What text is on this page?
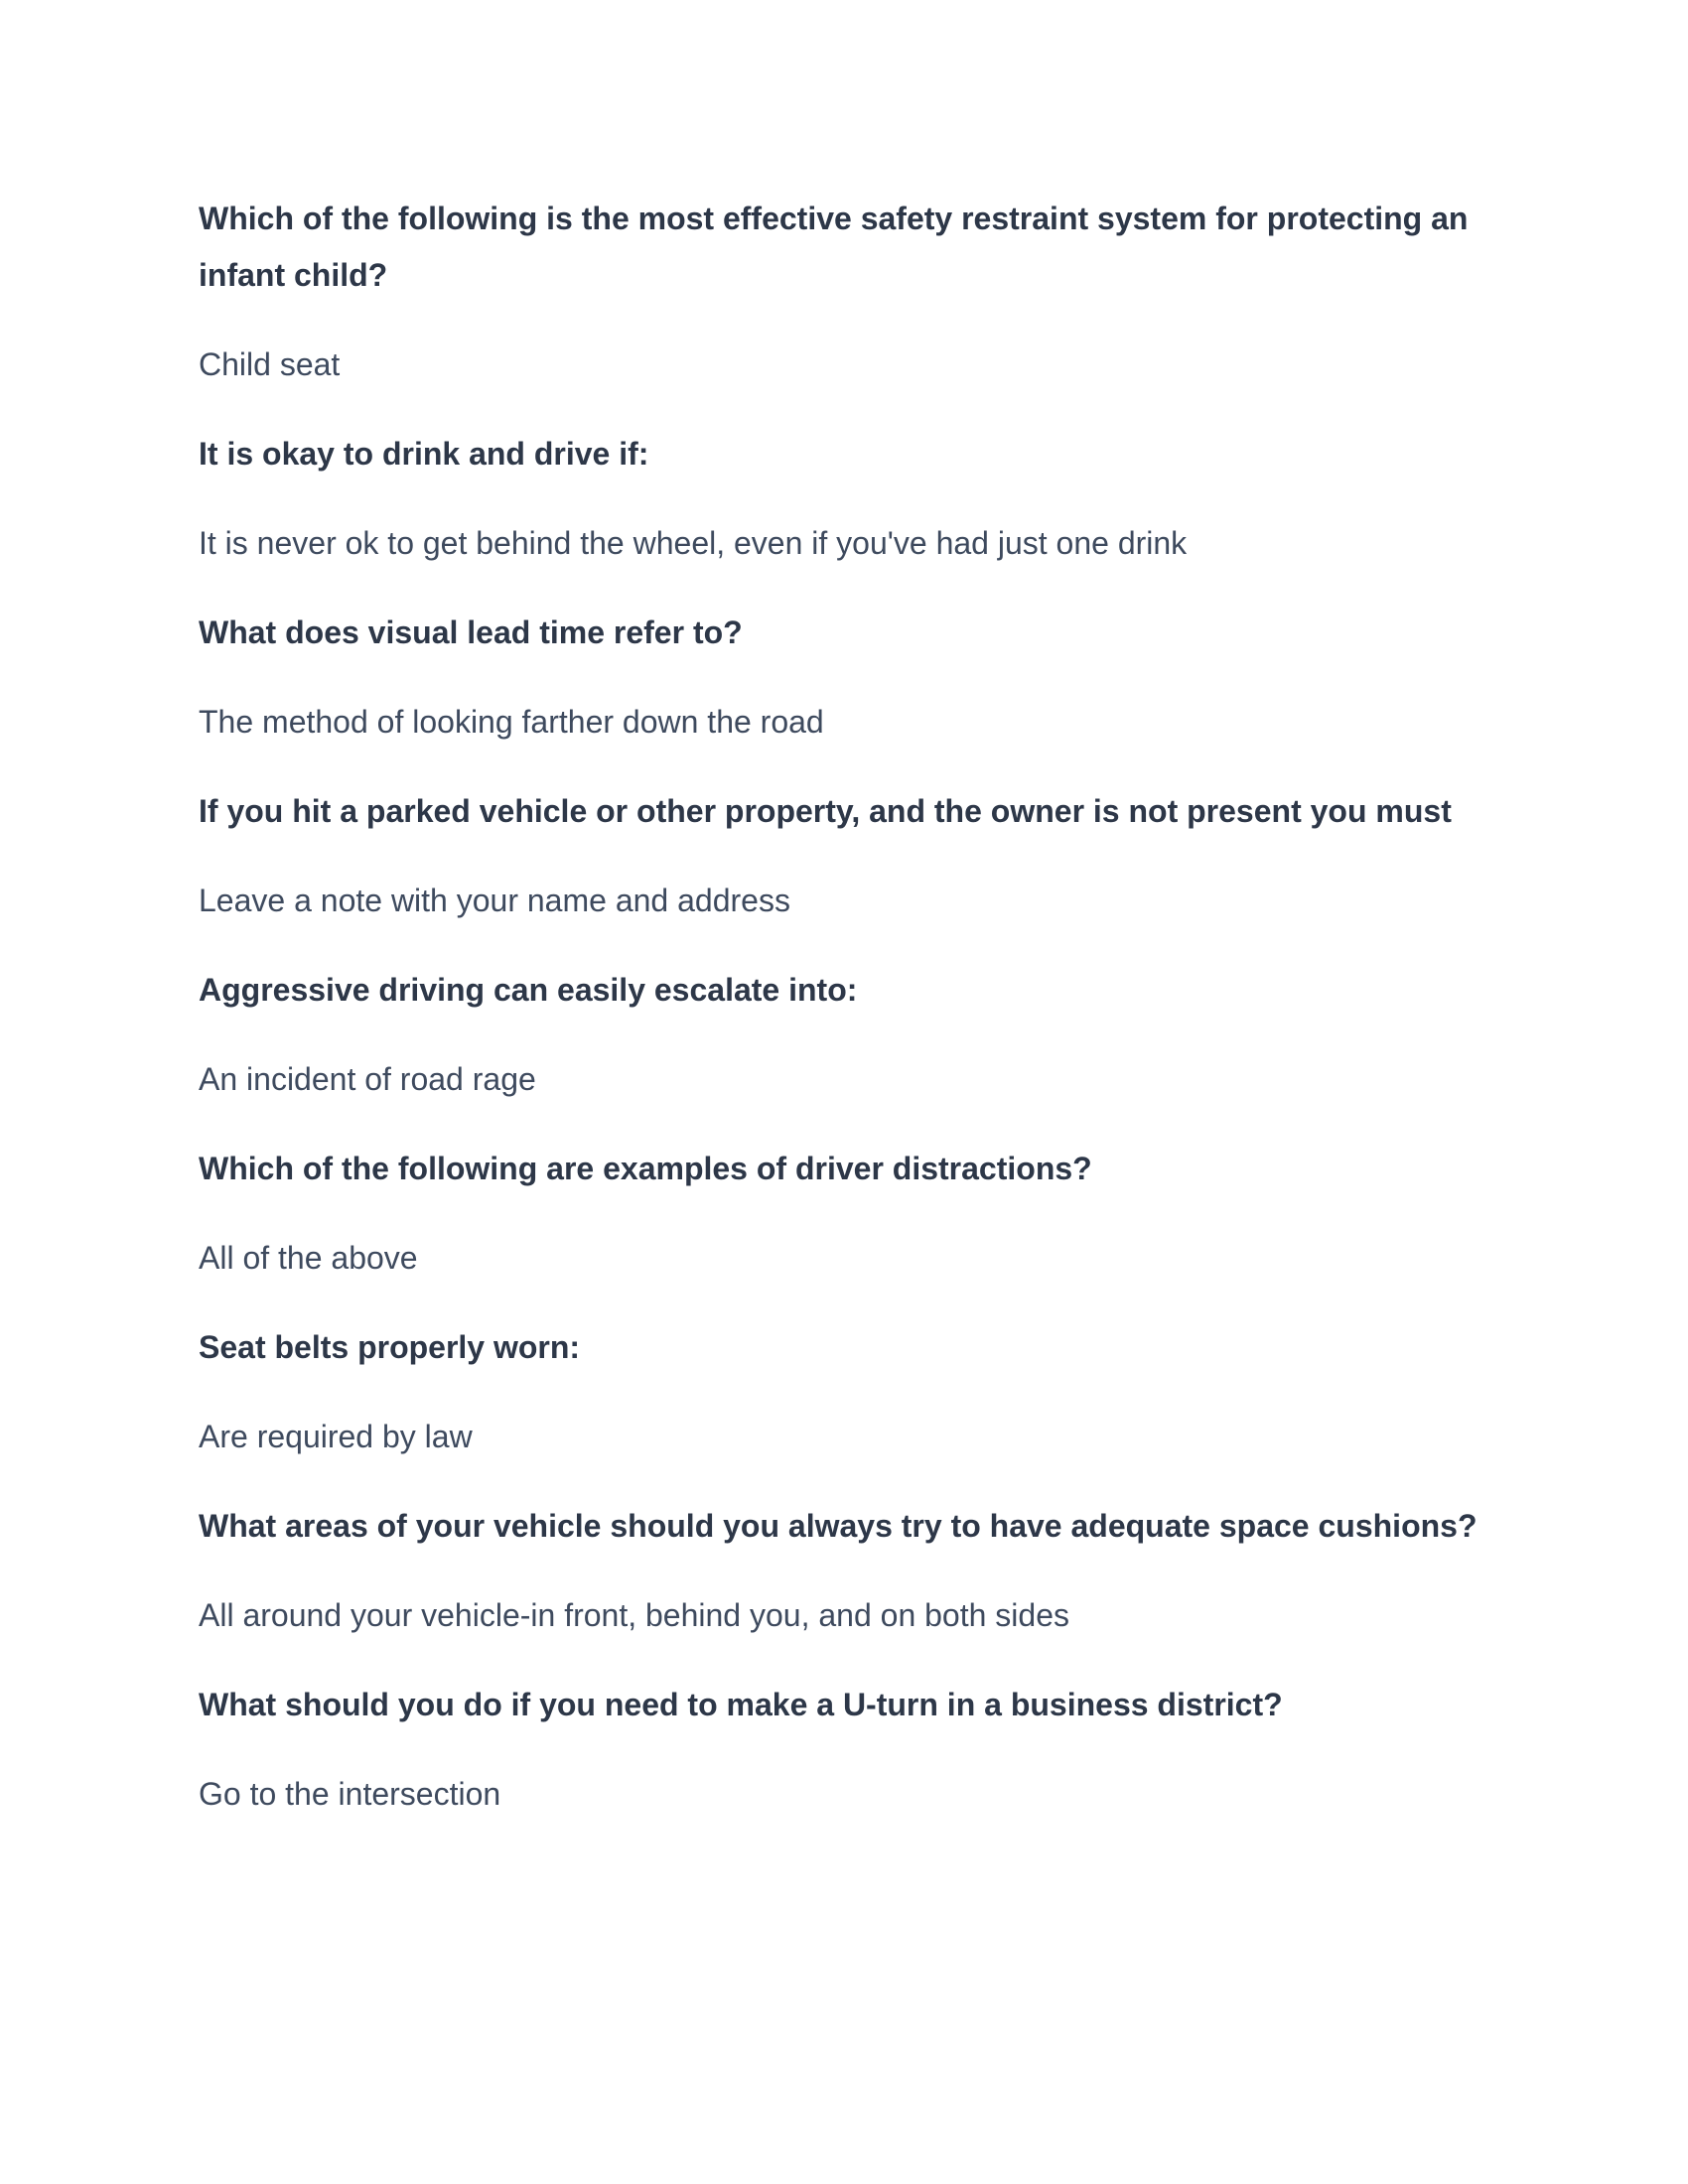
Which of the following is the most effective safety restraint system for protecting an infant child?

Child seat

It is okay to drink and drive if:

It is never ok to get behind the wheel, even if you've had just one drink

What does visual lead time refer to?

The method of looking farther down the road

If you hit a parked vehicle or other property, and the owner is not present you must

Leave a note with your name and address

Aggressive driving can easily escalate into:

An incident of road rage

Which of the following are examples of driver distractions?

All of the above

Seat belts properly worn:

Are required by law

What areas of your vehicle should you always try to have adequate space cushions?

All around your vehicle-in front, behind you, and on both sides

What should you do if you need to make a U-turn in a business district?

Go to the intersection
